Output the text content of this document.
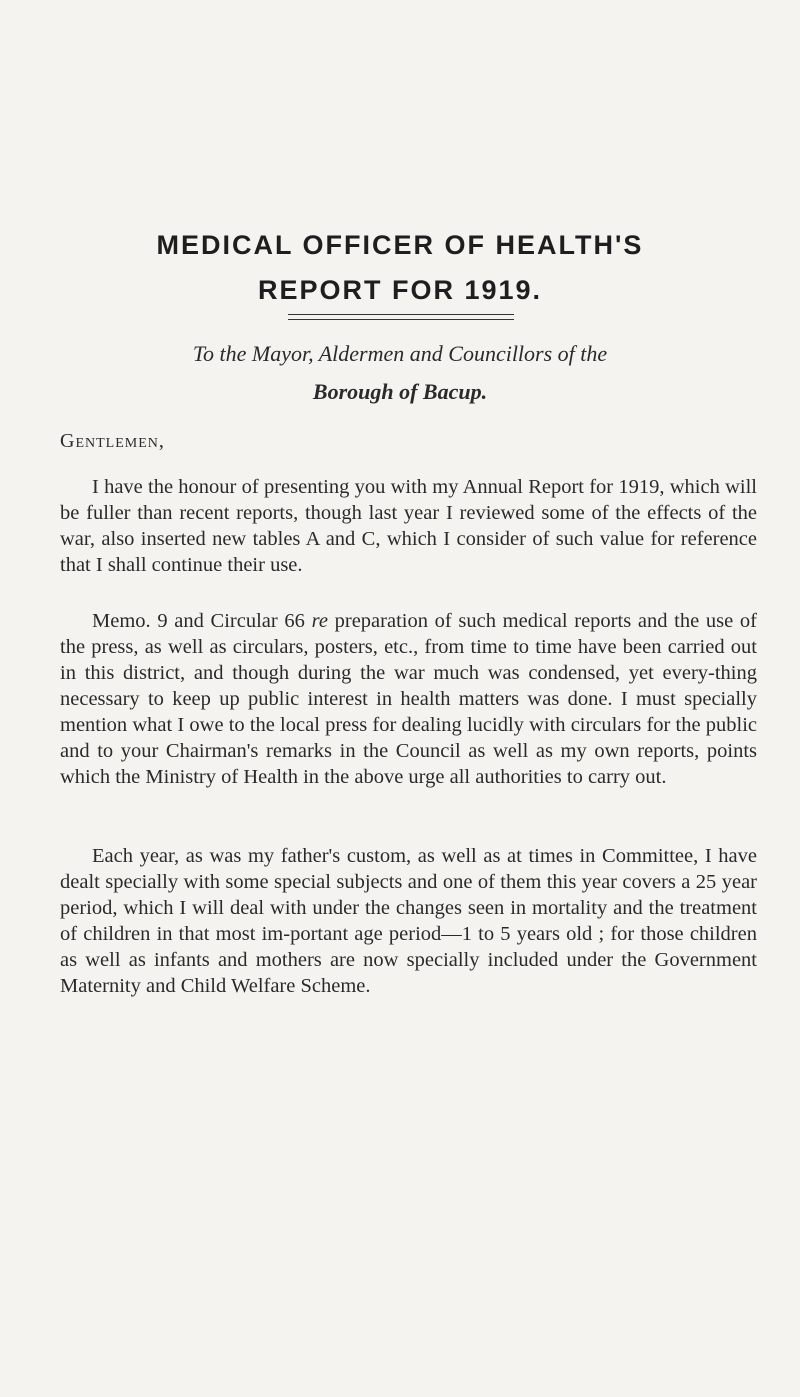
MEDICAL OFFICER OF HEALTH'S
REPORT FOR 1919.

To the Mayor, Aldermen and Councillors of the

Borough of Bacup.

Gentlemen,

I have the honour of presenting you with my Annual Report for 1919, which will be fuller than recent reports, though last year I reviewed some of the effects of the war, also inserted new tables A and C, which I consider of such value for reference that I shall continue their use.

Memo. 9 and Circular 66 re preparation of such medical reports and the use of the press, as well as circulars, posters, etc., from time to time have been carried out in this district, and though during the war much was condensed, yet every-thing necessary to keep up public interest in health matters was done. I must specially mention what I owe to the local press for dealing lucidly with circulars for the public and to your Chairman's remarks in the Council as well as my own reports, points which the Ministry of Health in the above urge all authorities to carry out.

Each year, as was my father's custom, as well as at times in Committee, I have dealt specially with some special subjects and one of them this year covers a 25 year period, which I will deal with under the changes seen in mortality and the treatment of children in that most im-portant age period—1 to 5 years old ; for those children as well as infants and mothers are now specially included under the Government Maternity and Child Welfare Scheme.
